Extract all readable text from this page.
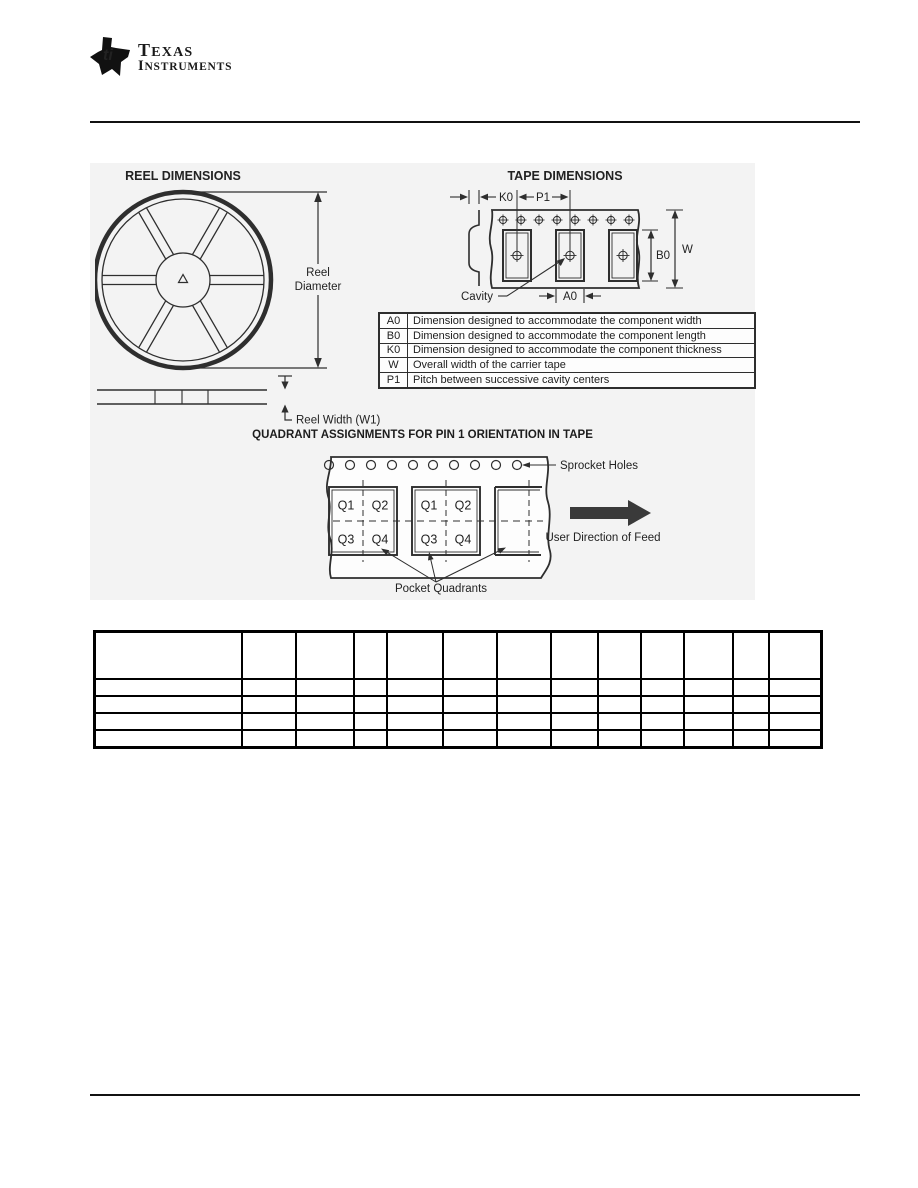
ti TEXAS
INSTRUMENTS
REEL DIMENSIONS
Reel
Diameter
Reel Width (W1)
TAPE DIMENSIONS
K0 P1
B0 W
A0
Cavity
A0	Dimension designed to accommodate the component width
B0	Dimension designed to accommodate the component length
K0	Dimension designed to accommodate the component thickness
W	Overall width of the carrier tape
P1	Pitch between successive cavity centers
QUADRANT ASSIGNMENTS FOR PIN 1 ORIENTATION IN TAPE
Sprocket Holes
Q1 Q2
Q3 Q4
Q1 Q2
Q3 Q4	User Direction of Feed
Pocket Quadrants
